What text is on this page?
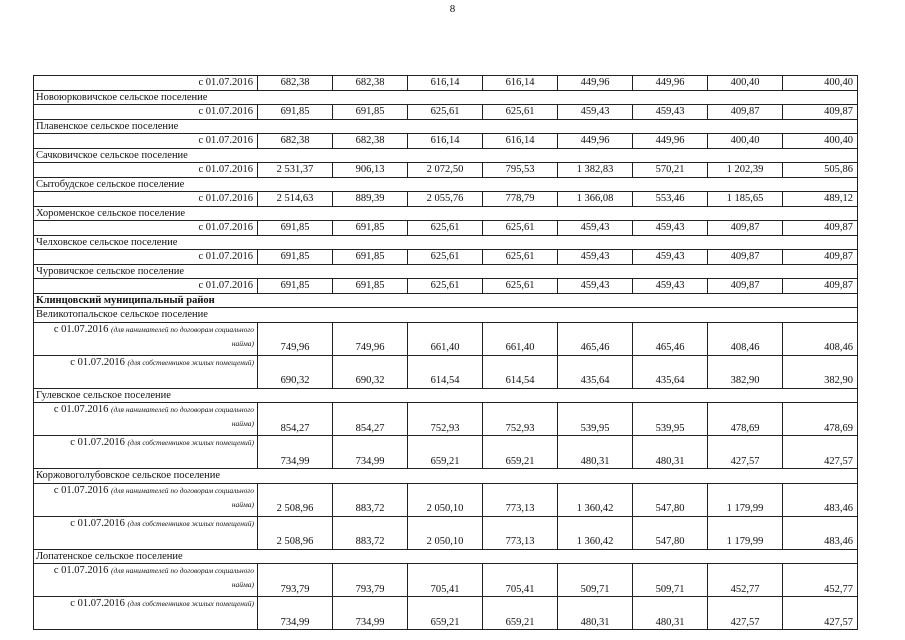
8
с 01.07.2016	682,38	682,38	616,14	616,14	449,96	449,96	400,40	400,40
Новоюрковичское сельское поселение								
с 01.07.2016	691,85	691,85	625,61	625,61	459,43	459,43	409,87	409,87
Плавенское сельское поселение								
с 01.07.2016	682,38	682,38	616,14	616,14	449,96	449,96	400,40	400,40
Сачковичское сельское поселение								
с 01.07.2016	2 531,37	906,13	2 072,50	795,53	1 382,83	570,21	1 202,39	505,86
Сытобудское сельское поселение								
с 01.07.2016	2 514,63	889,39	2 055,76	778,79	1 366,08	553,46	1 185,65	489,12
Хороменское сельское поселение								
с 01.07.2016	691,85	691,85	625,61	625,61	459,43	459,43	409,87	409,87
Челховское сельское поселение								
с 01.07.2016	691,85	691,85	625,61	625,61	459,43	459,43	409,87	409,87
Чуровичское сельское поселение								
с 01.07.2016	691,85	691,85	625,61	625,61	459,43	459,43	409,87	409,87
Клинцовский муниципальный район								
Великотопальское сельское поселение								
с 01.07.2016 (для нанимателей по договорам социального найма)	749,96	749,96	661,40	661,40	465,46	465,46	408,46	408,46
с 01.07.2016 (для собственников жилых помещений)	690,32	690,32	614,54	614,54	435,64	435,64	382,90	382,90
Гулевское сельское поселение								
с 01.07.2016 (для нанимателей по договорам социального найма)	854,27	854,27	752,93	752,93	539,95	539,95	478,69	478,69
с 01.07.2016 (для собственников жилых помещений)	734,99	734,99	659,21	659,21	480,31	480,31	427,57	427,57
Коржовоголубовское сельское поселение								
с 01.07.2016 (для нанимателей по договорам социального найма)	2 508,96	883,72	2 050,10	773,13	1 360,42	547,80	1 179,99	483,46
с 01.07.2016 (для собственников жилых помещений)	2 508,96	883,72	2 050,10	773,13	1 360,42	547,80	1 179,99	483,46
Лопатенское сельское поселение								
с 01.07.2016 (для нанимателей по договорам социального найма)	793,79	793,79	705,41	705,41	509,71	509,71	452,77	452,77
с 01.07.2016 (для собственников жилых помещений)	734,99	734,99	659,21	659,21	480,31	480,31	427,57	427,57
